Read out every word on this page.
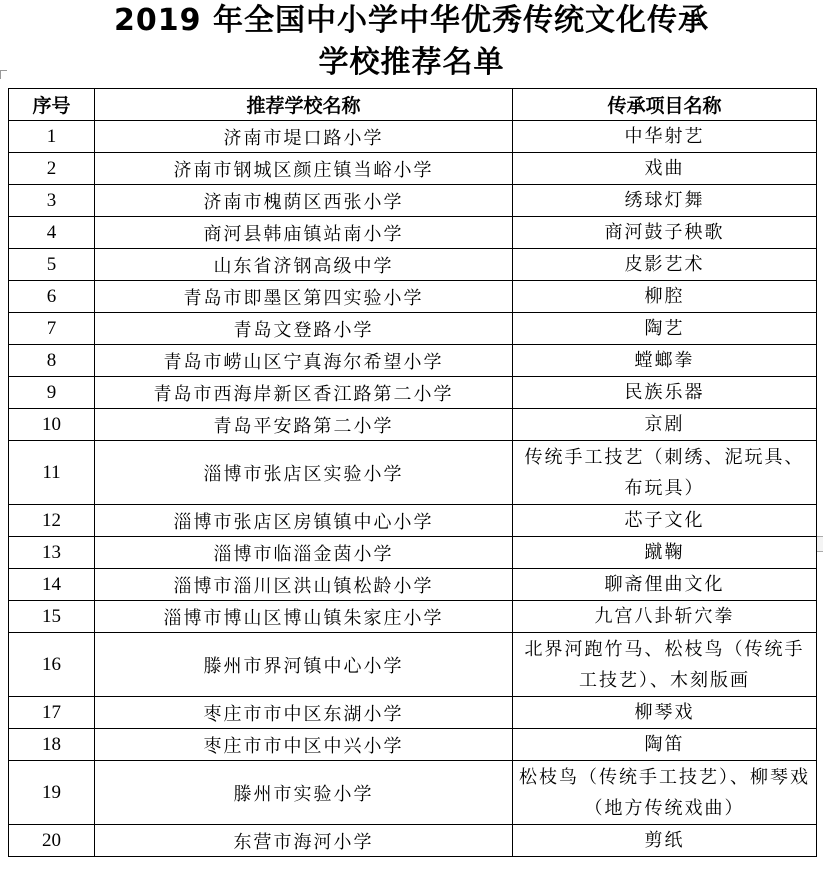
2019 年全国中小学中华优秀传统文化传承
学校推荐名单
序号	推荐学校名称	传承项目名称
1	济南市堤口路小学	中华射艺
2	济南市钢城区颜庄镇当峪小学	戏曲
3	济南市槐荫区西张小学	绣球灯舞
4	商河县韩庙镇站南小学	商河鼓子秧歌
5	山东省济钢高级中学	皮影艺术
6	青岛市即墨区第四实验小学	柳腔
7	青岛文登路小学	陶艺
8	青岛市崂山区宁真海尔希望小学	螳螂拳
9	青岛市西海岸新区香江路第二小学	民族乐器
10	青岛平安路第二小学	京剧
11	淄博市张店区实验小学	传统手工技艺（刺绣、泥玩具、布玩具）
12	淄博市张店区房镇镇中心小学	芯子文化
13	淄博市临淄金茵小学	蹴鞠
14	淄博市淄川区洪山镇松龄小学	聊斋俚曲文化
15	淄博市博山区博山镇朱家庄小学	九宫八卦斩穴拳
16	滕州市界河镇中心小学	北界河跑竹马、松枝鸟（传统手工技艺）、木刻版画
17	枣庄市市中区东湖小学	柳琴戏
18	枣庄市市中区中兴小学	陶笛
19	滕州市实验小学	松枝鸟（传统手工技艺）、柳琴戏（地方传统戏曲）
20	东营市海河小学	剪纸
